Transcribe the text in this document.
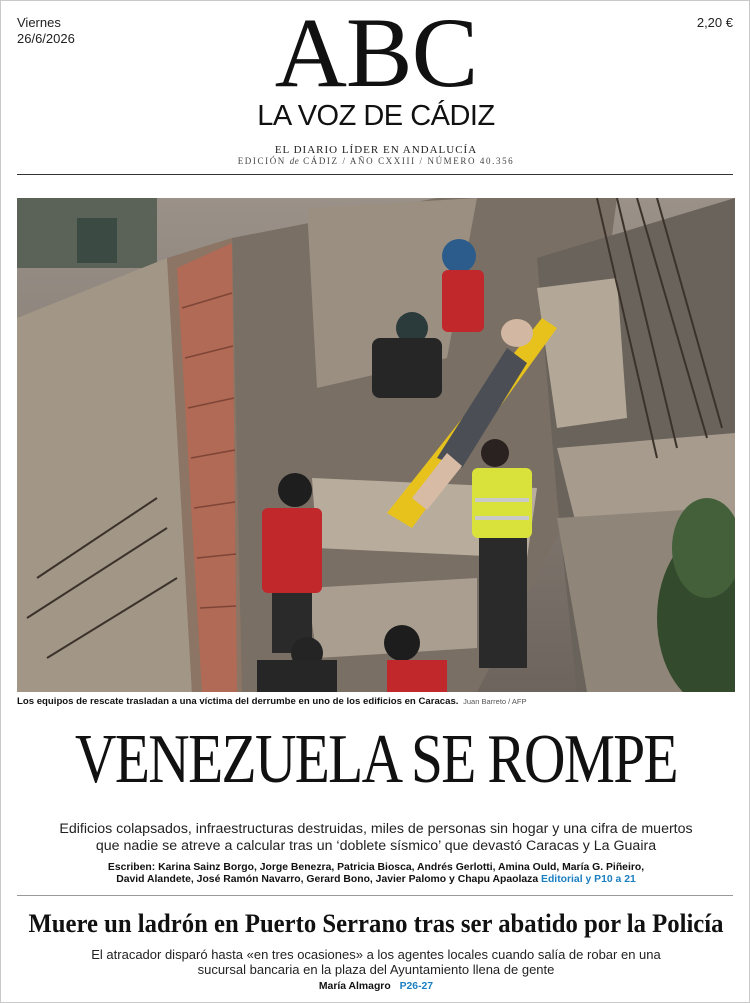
Viernes
26/6/2026
2,20 €
ABC
LA VOZ DE CÁDIZ
EL DIARIO LÍDER EN ANDALUCÍA
EDICIÓN de CÁDIZ / AÑO CXXIII / NÚMERO 40.356
Los equipos de rescate trasladan a una víctima del derrumbe en uno de los edificios en Caracas. Juan Barreto / AFP
VENEZUELA SE ROMPE
Edificios colapsados, infraestructuras destruidas, miles de personas sin hogar y una cifra de muertos
que nadie se atreve a calcular tras un ‘doblete sísmico’ que devastó Caracas y La Guaira
Escriben: Karina Sainz Borgo, Jorge Benezra, Patricia Biosca, Andrés Gerlotti, Amina Ould, María G. Piñeiro,
David Alandete, José Ramón Navarro, Gerard Bono, Javier Palomo y Chapu Apaolaza Editorial y P10 a 21
Muere un ladrón en Puerto Serrano tras ser abatido por la Policía
El atracador disparó hasta «en tres ocasiones» a los agentes locales cuando salía de robar en una
sucursal bancaria en la plaza del Ayuntamiento llena de gente
María Almagro P26-27
